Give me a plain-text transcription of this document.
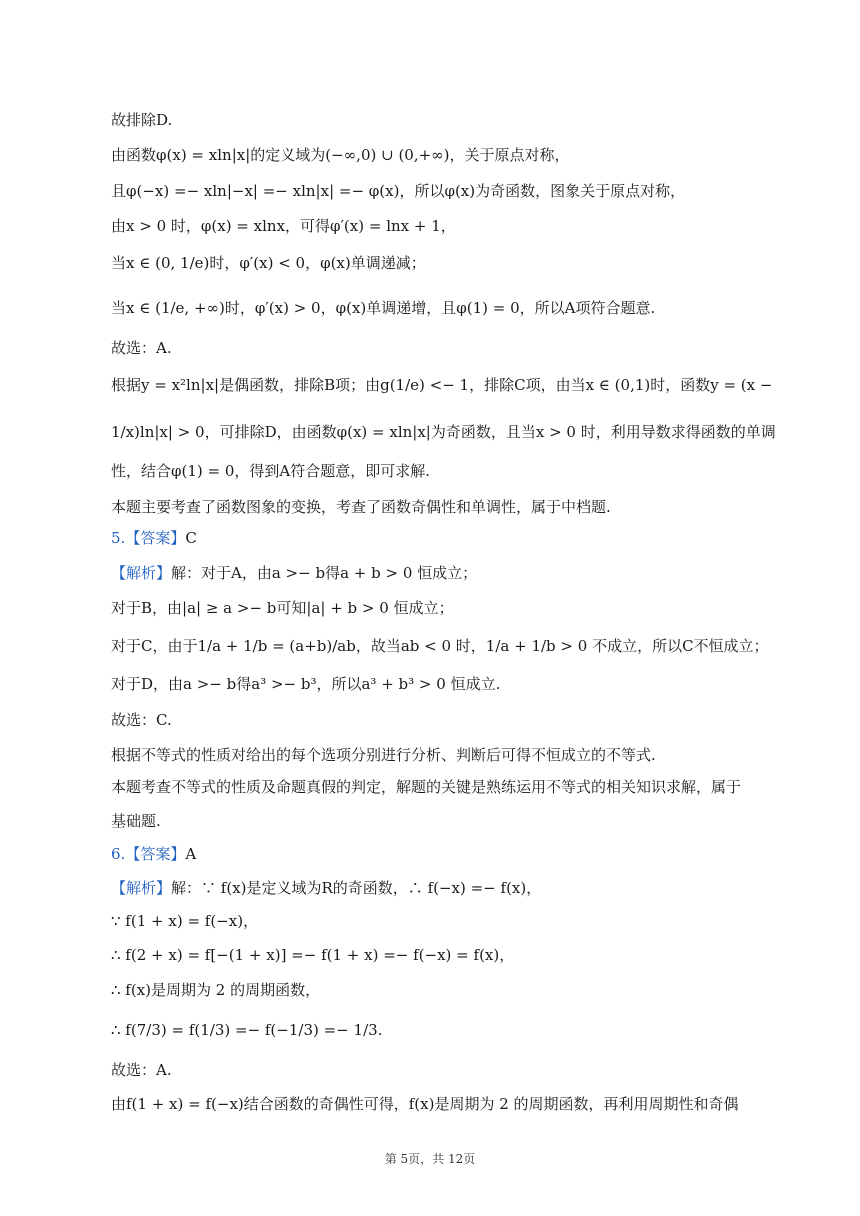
故排除D.
由函数φ(x) = xln|x|的定义域为(−∞,0) ∪ (0,+∞)，关于原点对称，
且φ(−x) =− xln|−x| =− xln|x| =− φ(x)，所以φ(x)为奇函数，图象关于原点对称，
由x > 0 时，φ(x) = xlnx，可得φ′(x) = lnx + 1，
当x ∈ (0, 1/e)时，φ′(x) < 0，φ(x)单调递减；
当x ∈ (1/e, +∞)时，φ′(x) > 0，φ(x)单调递增，且φ(1) = 0，所以A项符合题意.
故选：A.
根据y = x²ln|x|是偶函数，排除B项；由g(1/e) <− 1，排除C项，由当x ∈ (0,1)时，函数y = (x −
1/x)ln|x| > 0，可排除D，由函数φ(x) = xln|x|为奇函数，且当x > 0 时，利用导数求得函数的单调
性，结合φ(1) = 0，得到A符合题意，即可求解.
本题主要考查了函数图象的变换，考查了函数奇偶性和单调性，属于中档题.
5.【答案】C
【解析】解：对于A，由a >− b得a + b > 0 恒成立；
对于B，由|a| ≥ a >− b可知|a| + b > 0 恒成立；
对于C，由于1/a + 1/b = (a+b)/ab，故当ab < 0 时，1/a + 1/b > 0 不成立，所以C不恒成立；
对于D，由a >− b得a³ >− b³，所以a³ + b³ > 0 恒成立.
故选：C.
根据不等式的性质对给出的每个选项分别进行分析、判断后可得不恒成立的不等式.
本题考查不等式的性质及命题真假的判定，解题的关键是熟练运用不等式的相关知识求解，属于
基础题.
6.【答案】A
【解析】解：∵ f(x)是定义域为R的奇函数，∴ f(−x) =− f(x)，
∵ f(1 + x) = f(−x)，
∴ f(2 + x) = f[−(1 + x)] =− f(1 + x) =− f(−x) = f(x)，
∴ f(x)是周期为 2 的周期函数，
∴ f(7/3) = f(1/3) =− f(−1/3) =− 1/3.
故选：A.
由f(1 + x) = f(−x)结合函数的奇偶性可得，f(x)是周期为 2 的周期函数，再利用周期性和奇偶
第 5页，共 12页
